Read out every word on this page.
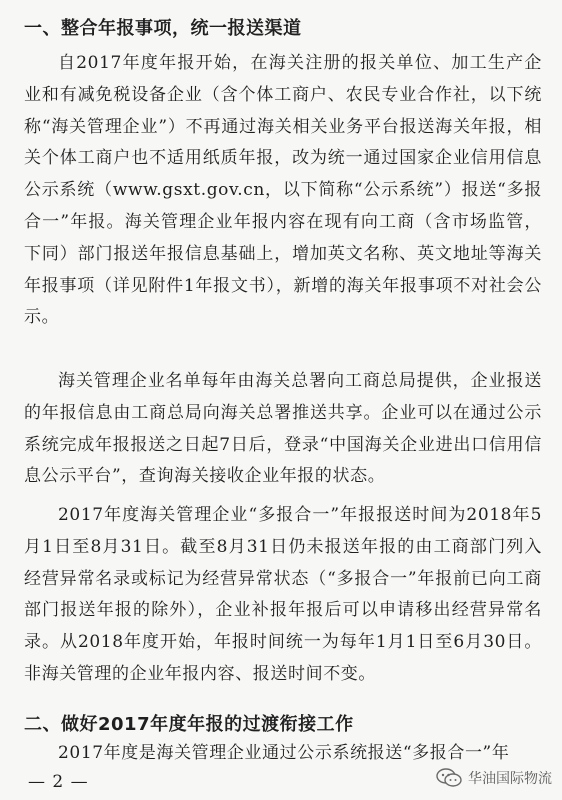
一、整合年报事项，统一报送渠道
自2017年度年报开始，在海关注册的报关单位、加工生产企业和有减免税设备企业（含个体工商户、农民专业合作社，以下统称“海关管理企业”）不再通过海关相关业务平台报送海关年报，相关个体工商户也不适用纸质年报，改为统一通过国家企业信用信息公示系统（www.gsxt.gov.cn，以下简称“公示系统”）报送“多报合一”年报。海关管理企业年报内容在现有向工商（含市场监管，下同）部门报送年报信息基础上，增加英文名称、英文地址等海关年报事项（详见附件1年报文书），新增的海关年报事项不对社会公示。
海关管理企业名单每年由海关总署向工商总局提供，企业报送的年报信息由工商总局向海关总署推送共享。企业可以在通过公示系统完成年报报送之日起7日后，登录“中国海关企业进出口信用信息公示平台”，查询海关接收企业年报的状态。
2017年度海关管理企业“多报合一”年报报送时间为2018年5月1日至8月31日。截至8月31日仍未报送年报的由工商部门列入经营异常名录或标记为经营异常状态（“多报合一”年报前已向工商部门报送年报的除外），企业补报年报后可以申请移出经营异常名录。从2018年度开始，年报时间统一为每年1月1日至6月30日。非海关管理的企业年报内容、报送时间不变。
二、做好2017年度年报的过渡衔接工作
2017年度是海关管理企业通过公示系统报送“多报合一”年
— 2 —	华油国际物流
